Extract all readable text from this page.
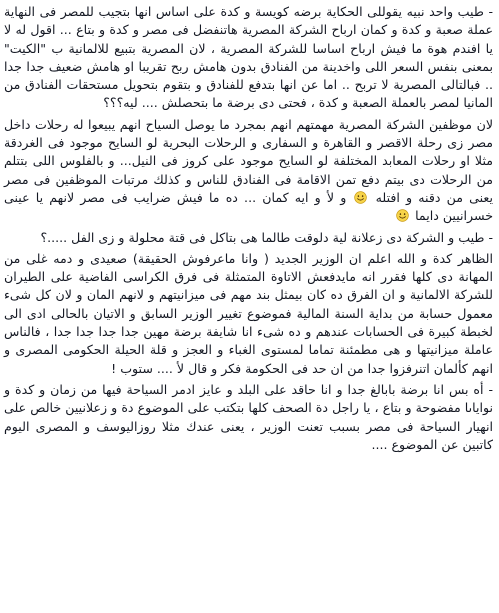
- طيب واحد نبيه يقوللى الحكاية برضه كويسة و كدة على اساس انها بتجيب للمصر فى النهاية عملة صعبة و كدة و كمان ارباح الشركة المصرية هاتنفضل فى مصر و كدة و بتاع ... اقول له لا يا افندم هوة ما فيش ارباح اساسا للشركة المصرية ، لان المصرية بتبيع للالمانية ب "الكيت" بمعنى بنفس السعر اللى واخدينة من الفنادق بدون هامش ربح تقريبا او هامش ضعيف جدا جدا .. فبالتالى المصرية لا تربح .. اما عن انها بتدفع للفنادق و بتقوم بتحويل مستحقات الفنادق من المانيا لمصر بالعملة الصعبة و كدة ، فحتى دى برضة ما بتحصلش .... ليه؟؟؟

لان موظفين الشركة المصرية مهمتهم انهم بمجرد ما يوصل السياح انهم يبيعوا له رحلات داخل مصر زى رحلة الاقصر و القاهرة و السفارى و الرحلات البحرية لو السايح موجود فى الغردقة مثلا او رحلات المعابد المختلفة لو السايح موجود على كروز فى النيل... و بالفلوس اللى بتتلم من الرحلات دى بيتم دفع تمن الاقامة فى الفنادق للناس و كذلك مرتبات الموظفين فى مصر يعنى من دقنه و افتله  و لأ و ايه كمان ... ده ما فيش ضرايب فى مصر لانهم يا عينى خسرانيين دايما

- طيب و الشركة دى زعلانة لية دلوقت طالما هى بتاكل فى قتة محلولة و زى الفل .....؟

الظاهر كدة و الله اعلم ان الوزير الجديد ( وانا ماعرفوش الحقيقة) صعيدى و دمه غلى من المهانة دى كلها فقرر انه مايدفعش الاتاوة المتمثلة فى فرق الكراسى الفاضية على الطيران للشركة الالمانية و ان الفرق ده كان بيمثل بند مهم فى ميزانيتهم و لانهم المان و لان كل شىء معمول حسابة من بداية السنة المالية فموضوع تغيير الوزير السابق و الاتيان بالحالى ادى الى لخبطة كبيرة فى الحسابات عندهم و ده شىء انا شايفة برضة مهين جدا جدا جدا جدا ، فالناس عاملة ميزانيتها و هى مطمئنة تماما لمستوى الغباء و العجز و قلة الحيلة الحكومى المصرى و انهم كألمان اتنرفزوا جدا من ان حد فى الحكومة فكر و قال لأ .... ستوب !

- أه بس انا برضة بابالغ جدا و انا حاقد على البلد و عايز ادمر السياحة فيها من زمان و كدة و نواياىا مفضوحة و بتاع ، يا راجل دة الصحف كلها بتكتب على الموضوع دة و زعلانيين خالص على انهيار السياحة فى مصر بسبب تعنت الوزير ، يعنى عندك مثلا روزاليوسف و المصرى اليوم كاتبين عن الموضوع ....
